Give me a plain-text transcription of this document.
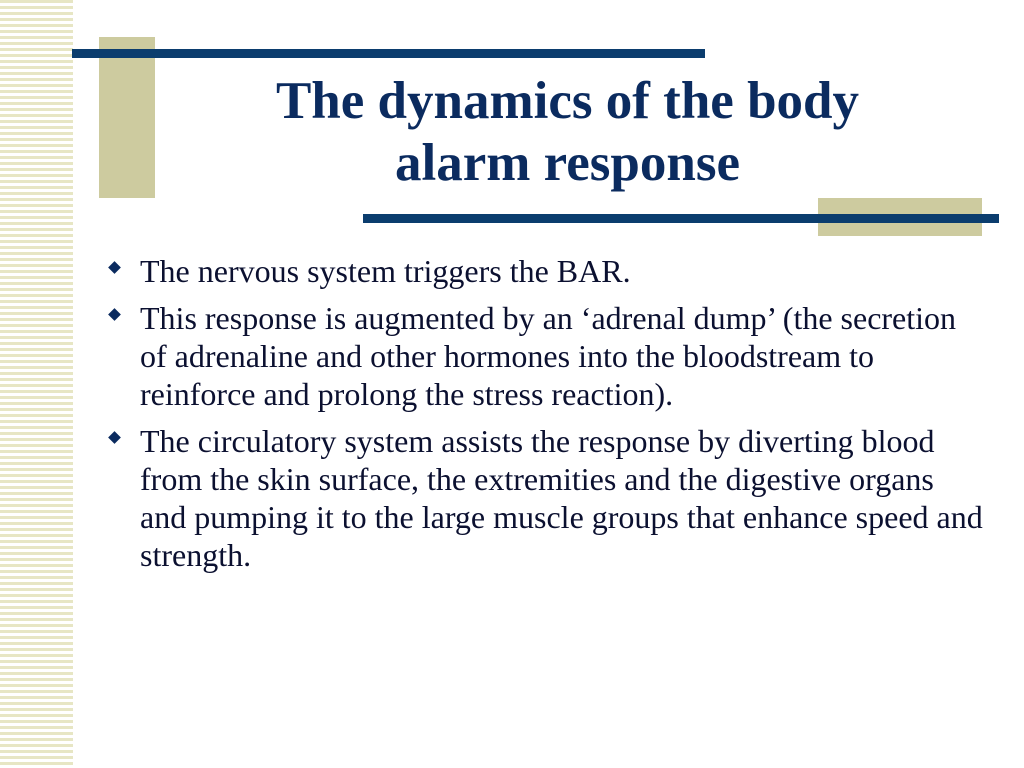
The dynamics of the body
alarm response
The nervous system triggers the BAR.
This response is augmented by an ‘adrenal dump’ (the secretion of adrenaline and other hormones into the bloodstream to reinforce and prolong the stress reaction).
The circulatory system assists the response by diverting blood from the skin surface, the extremities and the digestive organs and pumping it to the large muscle groups that enhance speed and strength.
